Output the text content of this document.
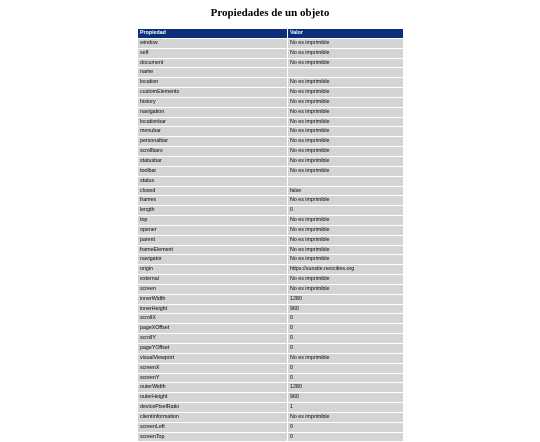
Propiedades de un objeto
Propiedad	Valor
window	No es imprimible
self	No es imprimible
document	No es imprimible
name	
location	No es imprimible
customElements	No es imprimible
history	No es imprimible
navigation	No es imprimible
locationbar	No es imprimible
menubar	No es imprimible
personalbar	No es imprimible
scrollbars	No es imprimible
statusbar	No es imprimible
toolbar	No es imprimible
status	
closed	false
frames	No es imprimible
length	0
top	No es imprimible
opener	No es imprimible
parent	No es imprimible
frameElement	No es imprimible
navigator	No es imprimible
origin	https://sunsite.neocities.org
external	No es imprimible
screen	No es imprimible
innerWidth	1280
innerHeight	960
scrollX	0
pageXOffset	0
scrollY	0
pageYOffset	0
visualViewport	No es imprimible
screenX	0
screenY	0
outerWidth	1280
outerHeight	960
devicePixelRatio	1
clientInformation	No es imprimible
screenLeft	0
screenTop	0
